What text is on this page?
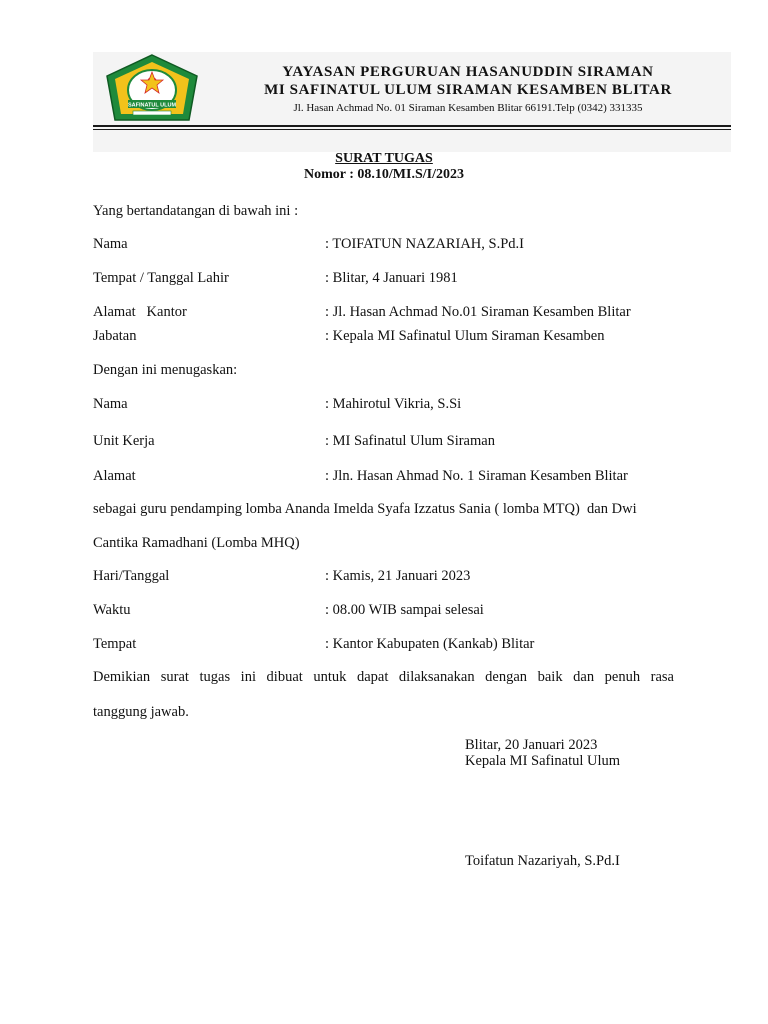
SAFINATUL ULUM
YAYASAN PERGURUAN HASANUDDIN SIRAMAN
MI SAFINATUL ULUM SIRAMAN KESAMBEN BLITAR
Jl. Hasan Achmad No. 01 Siraman Kesamben Blitar 66191.Telp (0342) 331335
SURAT TUGAS
Nomor : 08.10/MI.S/I/2023
Yang bertandatangan di bawah ini :
Nama	: TOIFATUN NAZARIAH, S.Pd.I
Tempat / Tanggal Lahir	: Blitar, 4 Januari 1981
Alamat   Kantor	: Jl. Hasan Achmad No.01 Siraman Kesamben Blitar
Jabatan	: Kepala MI Safinatul Ulum Siraman Kesamben
Dengan ini menugaskan:
Nama	: Mahirotul Vikria, S.Si
Unit Kerja	: MI Safinatul Ulum Siraman
Alamat	: Jln. Hasan Ahmad No. 1 Siraman Kesamben Blitar
sebagai guru pendamping lomba Ananda Imelda Syafa Izzatus Sania ( lomba MTQ)  dan Dwi
Cantika Ramadhani (Lomba MHQ)
Hari/Tanggal	: Kamis, 21 Januari 2023
Waktu	: 08.00 WIB sampai selesai
Tempat	: Kantor Kabupaten (Kankab) Blitar
Demikian surat tugas ini dibuat untuk dapat dilaksanakan dengan baik dan penuh rasa
tanggung jawab.
Blitar, 20 Januari 2023
Kepala MI Safinatul Ulum
Toifatun Nazariyah, S.Pd.I
